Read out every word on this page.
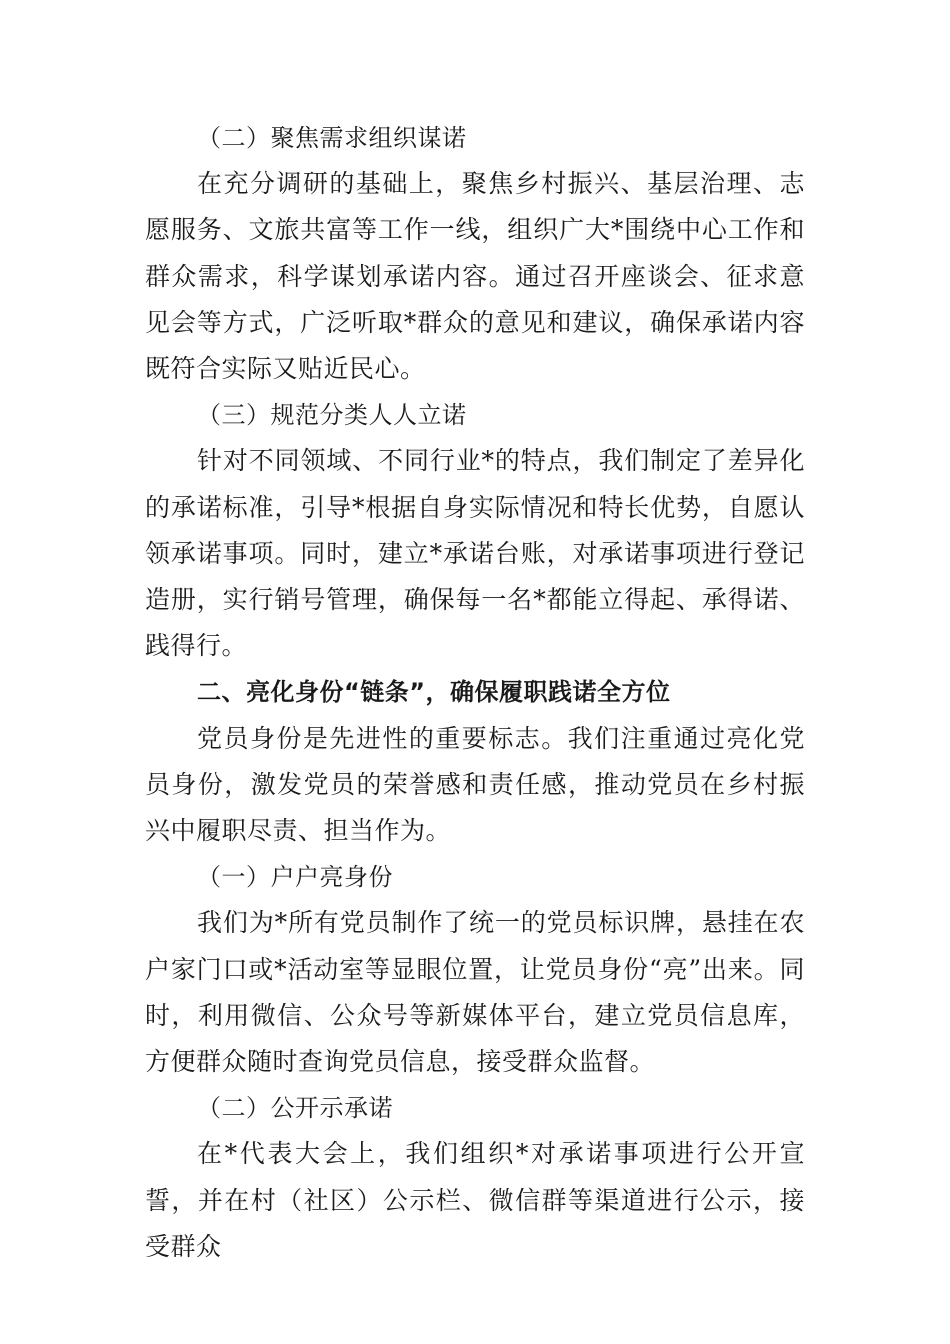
（二）聚焦需求组织谋诺

在充分调研的基础上，聚焦乡村振兴、基层治理、志愿服务、文旅共富等工作一线，组织广大*围绕中心工作和群众需求，科学谋划承诺内容。通过召开座谈会、征求意见会等方式，广泛听取*群众的意见和建议，确保承诺内容既符合实际又贴近民心。

（三）规范分类人人立诺

针对不同领域、不同行业*的特点，我们制定了差异化的承诺标准，引导*根据自身实际情况和特长优势，自愿认领承诺事项。同时，建立*承诺台账，对承诺事项进行登记造册，实行销号管理，确保每一名*都能立得起、承得诺、践得行。

二、亮化身份“链条”，确保履职践诺全方位

党员身份是先进性的重要标志。我们注重通过亮化党员身份，激发党员的荣誉感和责任感，推动党员在乡村振兴中履职尽责、担当作为。

（一）户户亮身份

我们为*所有党员制作了统一的党员标识牌，悬挂在农户家门口或*活动室等显眼位置，让党员身份“亮”出来。同时，利用微信、公众号等新媒体平台，建立党员信息库，方便群众随时查询党员信息，接受群众监督。

（二）公开示承诺

在*代表大会上，我们组织*对承诺事项进行公开宣誓，并在村（社区）公示栏、微信群等渠道进行公示，接受群众
